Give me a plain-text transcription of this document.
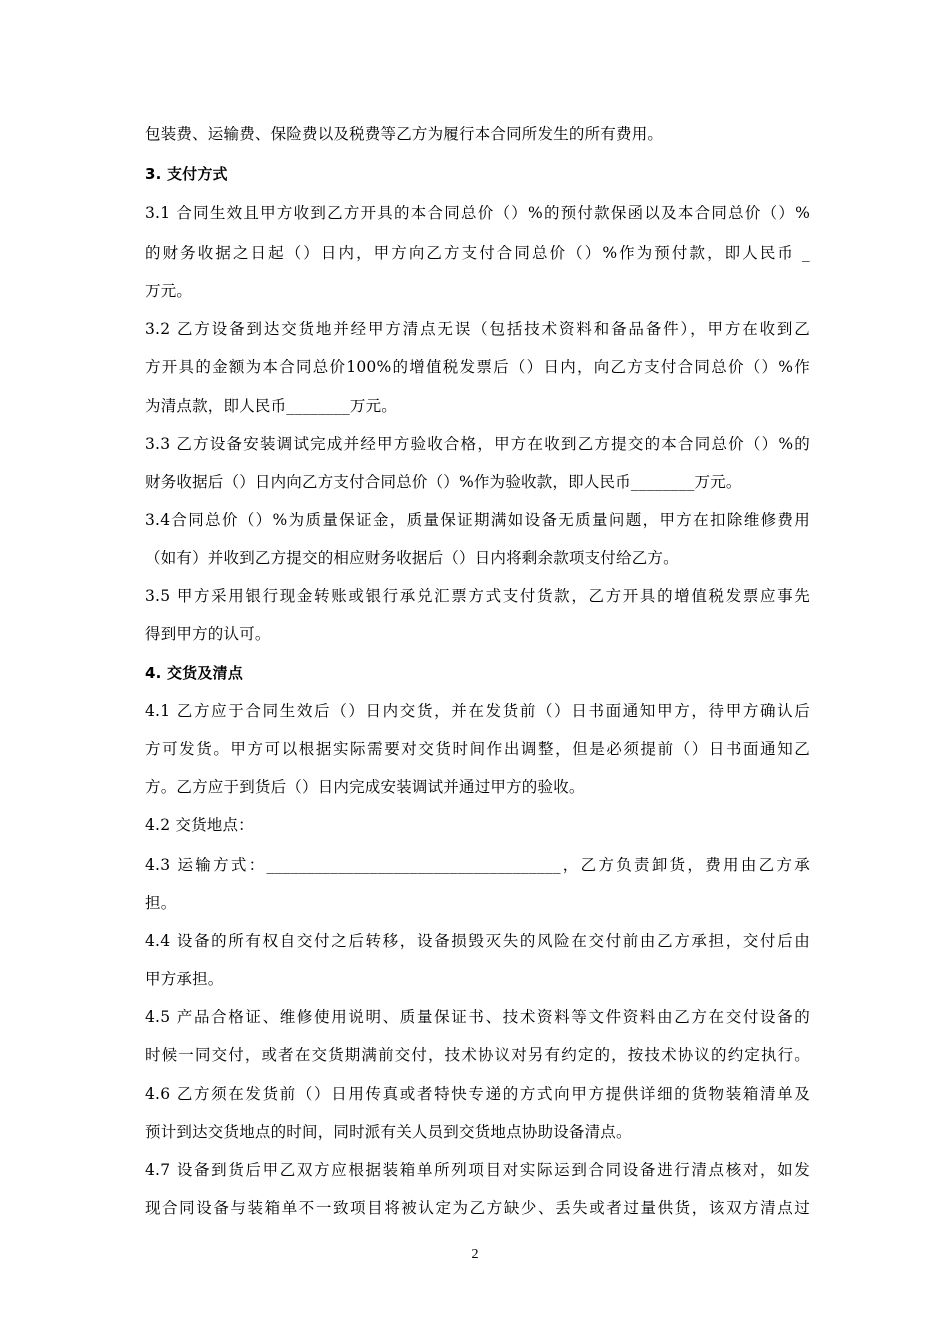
包装费、运输费、保险费以及税费等乙方为履行本合同所发生的所有费用。
3. 支付方式
3.1 合同生效且甲方收到乙方开具的本合同总价（）%的预付款保函以及本合同总价（）%
的财务收据之日起（）日内，甲方向乙方支付合同总价（）%作为预付款，即人民币 _
万元。
3.2 乙方设备到达交货地并经甲方清点无误（包括技术资料和备品备件），甲方在收到乙
方开具的金额为本合同总价100%的增值税发票后（）日内，向乙方支付合同总价（）%作
为清点款，即人民币________万元。
3.3 乙方设备安装调试完成并经甲方验收合格，甲方在收到乙方提交的本合同总价（）%的
财务收据后（）日内向乙方支付合同总价（）%作为验收款，即人民币________万元。
3.4合同总价（）%为质量保证金，质量保证期满如设备无质量问题，甲方在扣除维修费用
（如有）并收到乙方提交的相应财务收据后（）日内将剩余款项支付给乙方。
3.5 甲方采用银行现金转账或银行承兑汇票方式支付货款，乙方开具的增值税发票应事先
得到甲方的认可。
4. 交货及清点
4.1 乙方应于合同生效后（）日内交货，并在发货前（）日书面通知甲方，待甲方确认后
方可发货。甲方可以根据实际需要对交货时间作出调整，但是必须提前（）日书面通知乙
方。乙方应于到货后（）日内完成安装调试并通过甲方的验收。
4.2 交货地点：
4.3 运输方式：_____________________________________，乙方负责卸货，费用由乙方承
担。
4.4 设备的所有权自交付之后转移，设备损毁灭失的风险在交付前由乙方承担，交付后由
甲方承担。
4.5 产品合格证、维修使用说明、质量保证书、技术资料等文件资料由乙方在交付设备的
时候一同交付，或者在交货期满前交付，技术协议对另有约定的，按技术协议的约定执行。
4.6 乙方须在发货前（）日用传真或者特快专递的方式向甲方提供详细的货物装箱清单及
预计到达交货地点的时间，同时派有关人员到交货地点协助设备清点。
4.7 设备到货后甲乙双方应根据装箱单所列项目对实际运到合同设备进行清点核对，如发
现合同设备与装箱单不一致项目将被认定为乙方缺少、丢失或者过量供货，该双方清点过
2
